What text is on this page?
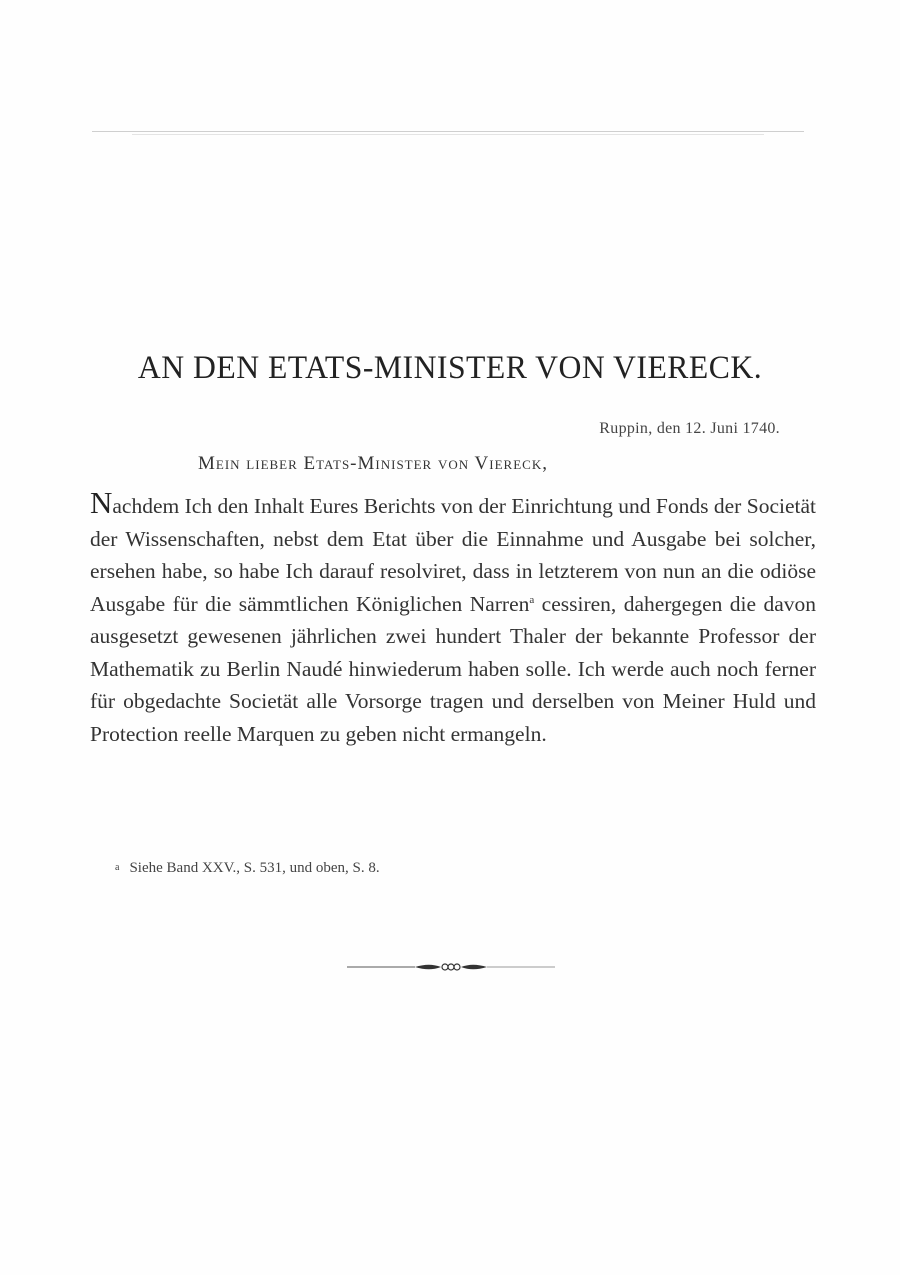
AN DEN ETATS-MINISTER VON VIERECK.
Ruppin, den 12. Juni 1740.
Mein lieber Etats-Minister von Viereck,

Nachdem Ich den Inhalt Eures Berichts von der Einrichtung und Fonds der Societät der Wissenschaften, nebst dem Etat über die Einnahme und Ausgabe bei solcher, ersehen habe, so habe Ich darauf resolviret, dass in letzterem von nun an die odiöse Ausgabe für die sämmtlichen Königlichen Narren$^a$ cessiren, dahergegen die davon ausgesetzt gewesenen jährlichen zwei hundert Thaler der bekannte Professor der Mathematik zu Berlin Naudé hinwiederum haben solle. Ich werde auch noch ferner für obgedachte Societät alle Vorsorge tragen und derselben von Meiner Huld und Protection reelle Marquen zu geben nicht ermangeln.

a Siehe Band XXV., S. 531, und oben, S. 8.
